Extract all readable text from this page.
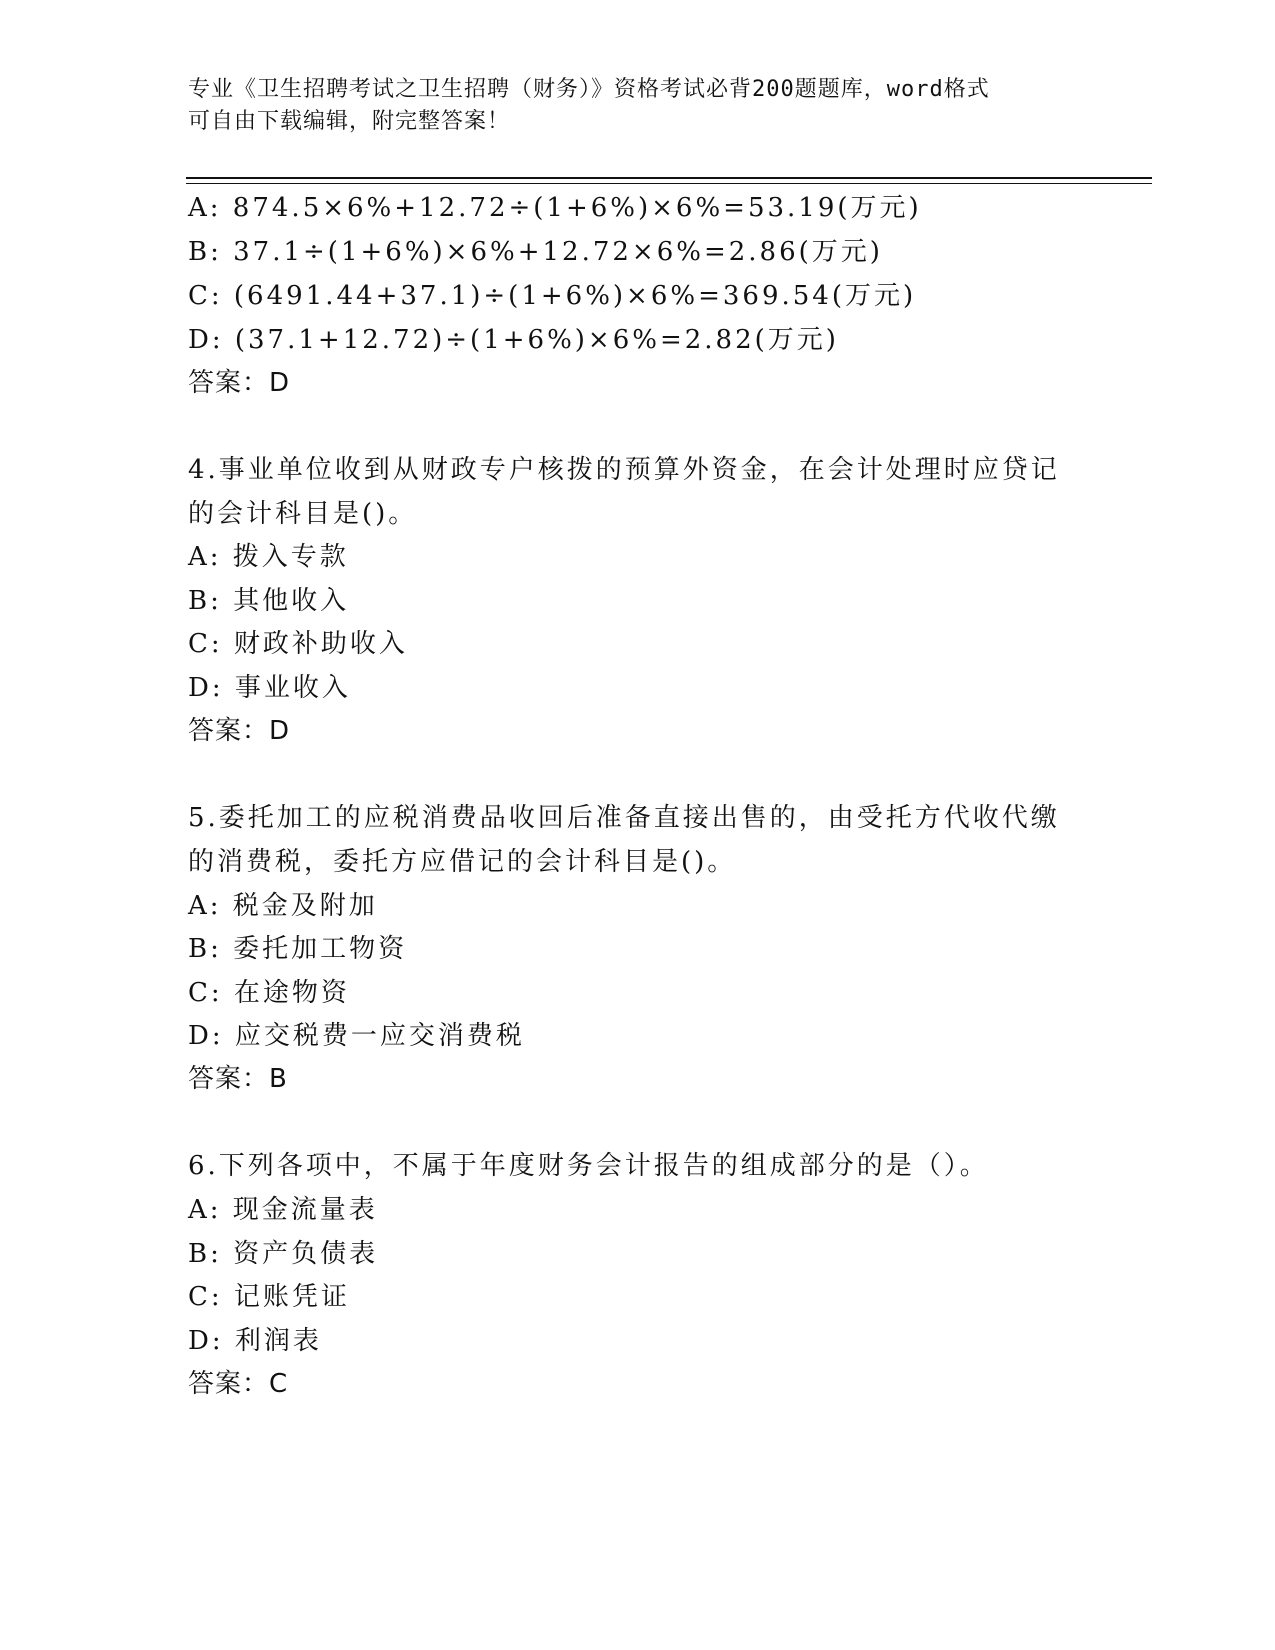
专业《卫生招聘考试之卫生招聘（财务）》资格考试必背200题题库，word格式
可自由下载编辑，附完整答案！
A: 874.5×6%+12.72÷(1+6%)×6%=53.19(万元)
B: 37.1÷(1+6%)×6%+12.72×6%=2.86(万元)
C: (6491.44+37.1)÷(1+6%)×6%=369.54(万元)
D: (37.1+12.72)÷(1+6%)×6%=2.82(万元)
答案：D
4.事业单位收到从财政专户核拨的预算外资金，在会计处理时应贷记
的会计科目是()。
A: 拨入专款
B: 其他收入
C: 财政补助收入
D: 事业收入
答案：D
5.委托加工的应税消费品收回后准备直接出售的，由受托方代收代缴
的消费税，委托方应借记的会计科目是()。
A: 税金及附加
B: 委托加工物资
C: 在途物资
D: 应交税费一应交消费税
答案：B
6.下列各项中，不属于年度财务会计报告的组成部分的是（）。
A: 现金流量表
B: 资产负债表
C: 记账凭证
D: 利润表
答案：C
